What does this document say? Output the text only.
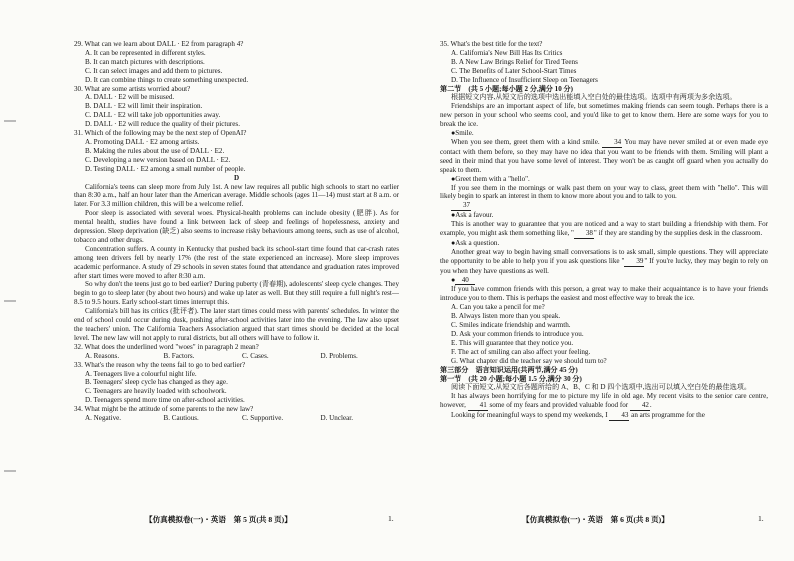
29. What can we learn about DALL · E2 from paragraph 4?

A. It can be represented in different styles.

B. It can match pictures with descriptions.

C. It can select images and add them to pictures.

D. It can combine things to create something unexpected.

30. What are some artists worried about?

A. DALL · E2 will be misused.

B. DALL · E2 will limit their inspiration.

C. DALL · E2 will take job opportunities away.

D. DALL · E2 will reduce the quality of their pictures.

31. Which of the following may be the next step of OpenAI?

A. Promoting DALL · E2 among artists.

B. Making the rules about the use of DALL · E2.

C. Developing a new version based on DALL · E2.

D. Testing DALL · E2 among a small number of people.

D

California's teens can sleep more from July 1st. A new law requires all public high schools to start no earlier than 8:30 a.m., half an hour later than the American average. Middle schools (ages 11—14) must start at 8 a.m. or later. For 3.3 million children, this will be a welcome relief.

Poor sleep is associated with several woes. Physical-health problems can include obesity (肥胖). As for mental health, studies have found a link between lack of sleep and feelings of hopelessness, anxiety and depression. Sleep deprivation (缺乏) also seems to increase risky behaviours among teens, such as use of alcohol, tobacco and other drugs.

Concentration suffers. A county in Kentucky that pushed back its school-start time found that car-crash rates among teen drivers fell by nearly 17% (the rest of the state experienced an increase). More sleep improves academic performance. A study of 29 schools in seven states found that attendance and graduation rates improved after start times were moved to after 8:30 a.m.

So why don't the teens just go to bed earlier? During puberty (青春期), adolescents' sleep cycle changes. They begin to go to sleep later (by about two hours) and wake up later as well. But they still require a full night's rest—8.5 to 9.5 hours. Early school-start times interrupt this.

California's bill has its critics (批评者). The later start times could mess with parents' schedules. In winter the end of school could occur during dusk, pushing after-school activities later into the evening. The law also upset the teachers' union. The California Teachers Association argued that start times should be decided at the local level. The new law will not apply to rural districts, but all others will have to follow it.

32. What does the underlined word "woes" in paragraph 2 mean?

A. Reasons.	B. Factors.	C. Cases.	D. Problems.

33. What's the reason why the teens fail to go to bed earlier?

A. Teenagers live a colourful night life.

B. Teenagers' sleep cycle has changed as they age.

C. Teenagers are heavily loaded with schoolwork.

D. Teenagers spend more time on after-school activities.

34. What might be the attitude of some parents to the new law?

A. Negative.	B. Cautious.	C. Supportive.	D. Unclear.

35. What's the best title for the text?

A. California's New Bill Has Its Critics

B. A New Law Brings Relief for Tired Teens

C. The Benefits of Later School-Start Times

D. The Influence of Insufficient Sleep on Teenagers

第二节　(共 5 小题;每小题 2 分,满分 10 分)

根据短文内容,从短文后的选项中选出能填入空白处的最佳选项。选项中有两项为多余选项。

Friendships are an important aspect of life, but sometimes making friends can seem tough. Perhaps there is a new person in your school who seems cool, and you'd like to get to know them. Here are some ways for you to break the ice.

●Smile.

When you see them, greet them with a kind smile. 34 You may have never smiled at or even made eye contact with them before, so they may have no idea that you want to be friends with them. Smiling will plant a seed in their mind that you have some level of interest. They won't be as caught off guard when you actually do speak to them.

●Greet them with a "hello".

If you see them in the mornings or walk past them on your way to class, greet them with "hello". This will likely begin to spark an interest in them to know more about you and to talk to you.

37

●Ask a favour.

This is another way to guarantee that you are noticed and a way to start building a friendship with them. For example, you might ask them something like, " 38" if they are standing by the supplies desk in the classroom.

●Ask a question.

Another great way to begin having small conversations is to ask small, simple questions. They will appreciate the opportunity to be able to help you if you ask questions like " 39" If you're lucky, they may begin to rely on you when they have questions as well.

● 40

If you have common friends with this person, a great way to make their acquaintance is to have your friends introduce you to them. This is perhaps the easiest and most effective way to break the ice.

A. Can you take a pencil for me?

B. Always listen more than you speak.

C. Smiles indicate friendship and warmth.

D. Ask your common friends to introduce you.

E. This will guarantee that they notice you.

F. The act of smiling can also affect your feeling.

G. What chapter did the teacher say we should turn to?

第三部分　语言知识运用(共两节,满分 45 分)

第一节　(共 20 小题;每小题 1.5 分,满分 30 分)

阅读下面短文,从短文后各题所给的 A、B、C 和 D 四个选项中,选出可以填入空白处的最佳选项。

It has always been horrifying for me to picture my life in old age. My recent visits to the senior care centre, however, 41 some of my fears and provided valuable food for 42.

Looking for meaningful ways to spend my weekends, I 43 an arts programme for the

【仿真模拟卷(一)・英语　第 5 页(共 8 页)】	1.	【仿真模拟卷(一)・英语　第 6 页(共 8 页)】	1.
